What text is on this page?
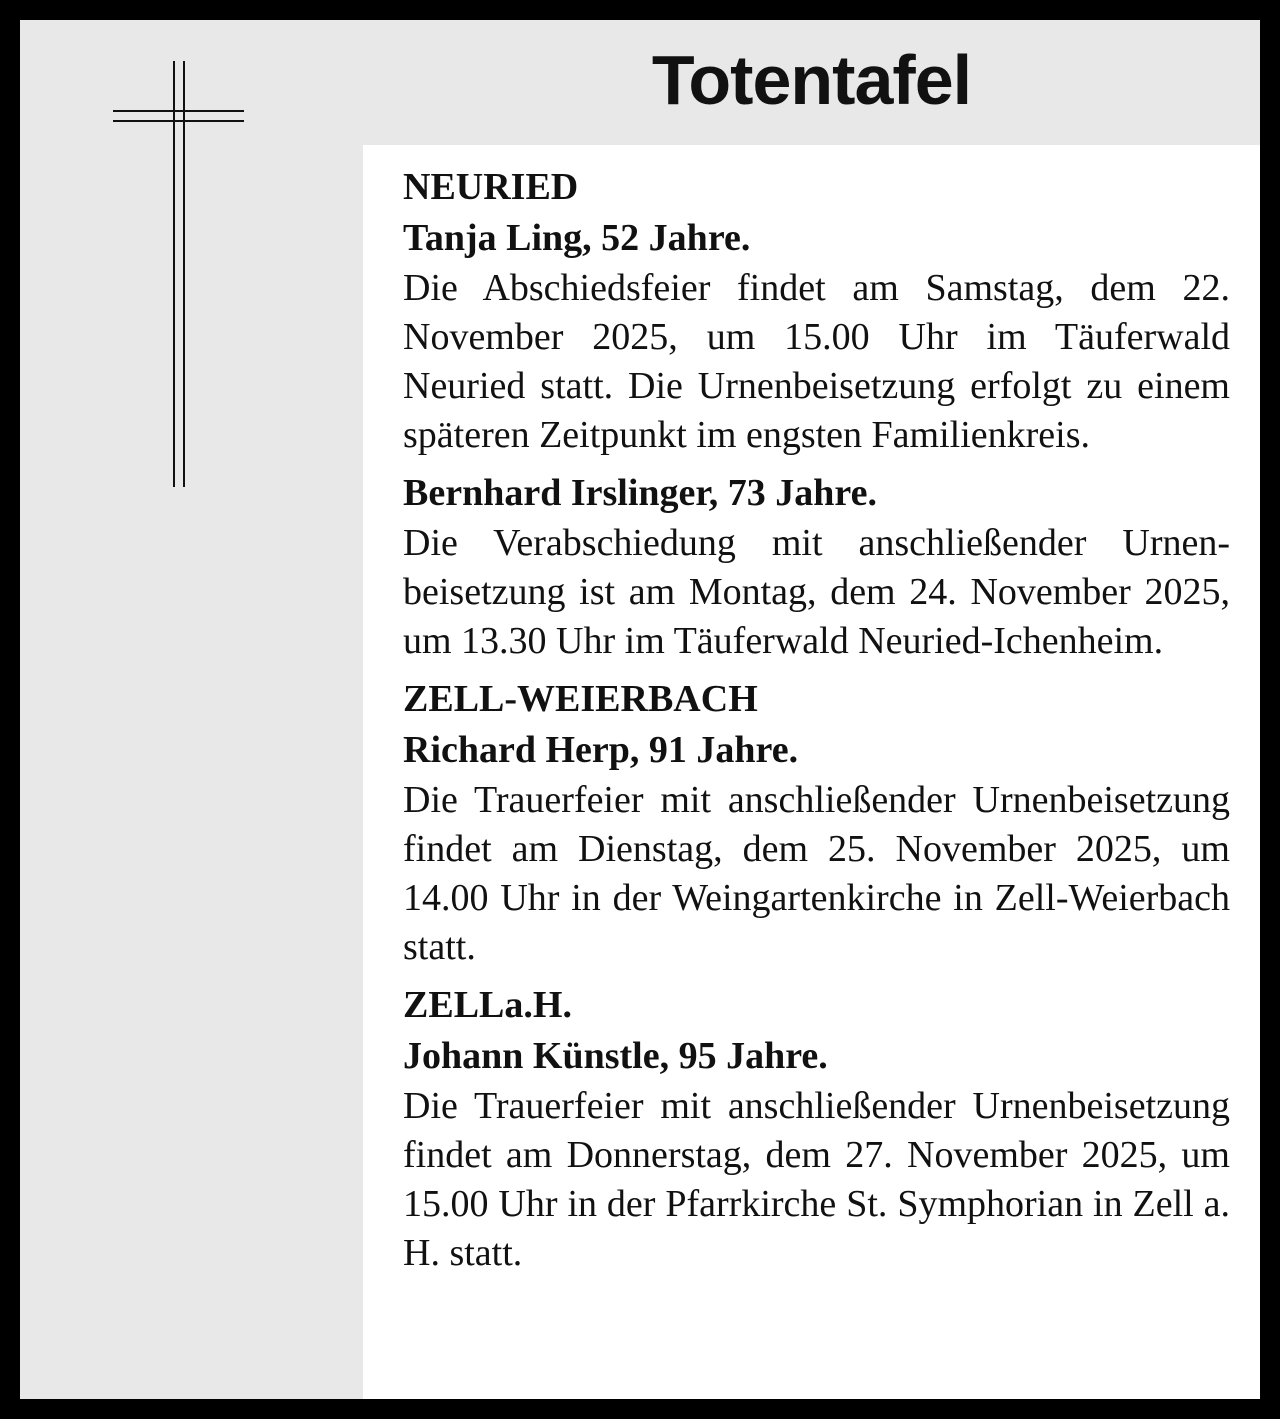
Totentafel
NEURIED
Tanja Ling, 52 Jahre.
Die Abschiedsfeier findet am Samstag, dem 22. November 2025, um 15.00 Uhr im Täuferwald Neuried statt. Die Urnenbeisetzung erfolgt zu einem späteren Zeitpunkt im engsten Familienkreis.
Bernhard Irslinger, 73 Jahre.
Die Verabschiedung mit anschließender Urnenbeisetzung ist am Montag, dem 24. November 2025, um 13.30 Uhr im Täuferwald Neuried-Ichenheim.
ZELL-WEIERBACH
Richard Herp, 91 Jahre.
Die Trauerfeier mit anschließender Urnenbeisetzung findet am Dienstag, dem 25. November 2025, um 14.00 Uhr in der Weingartenkirche in Zell-Weierbach statt.
ZELLa.H.
Johann Künstle, 95 Jahre.
Die Trauerfeier mit anschließender Urnenbeisetzung findet am Donnerstag, dem 27. November 2025, um 15.00 Uhr in der Pfarrkirche St. Symphorian in Zell a. H. statt.
